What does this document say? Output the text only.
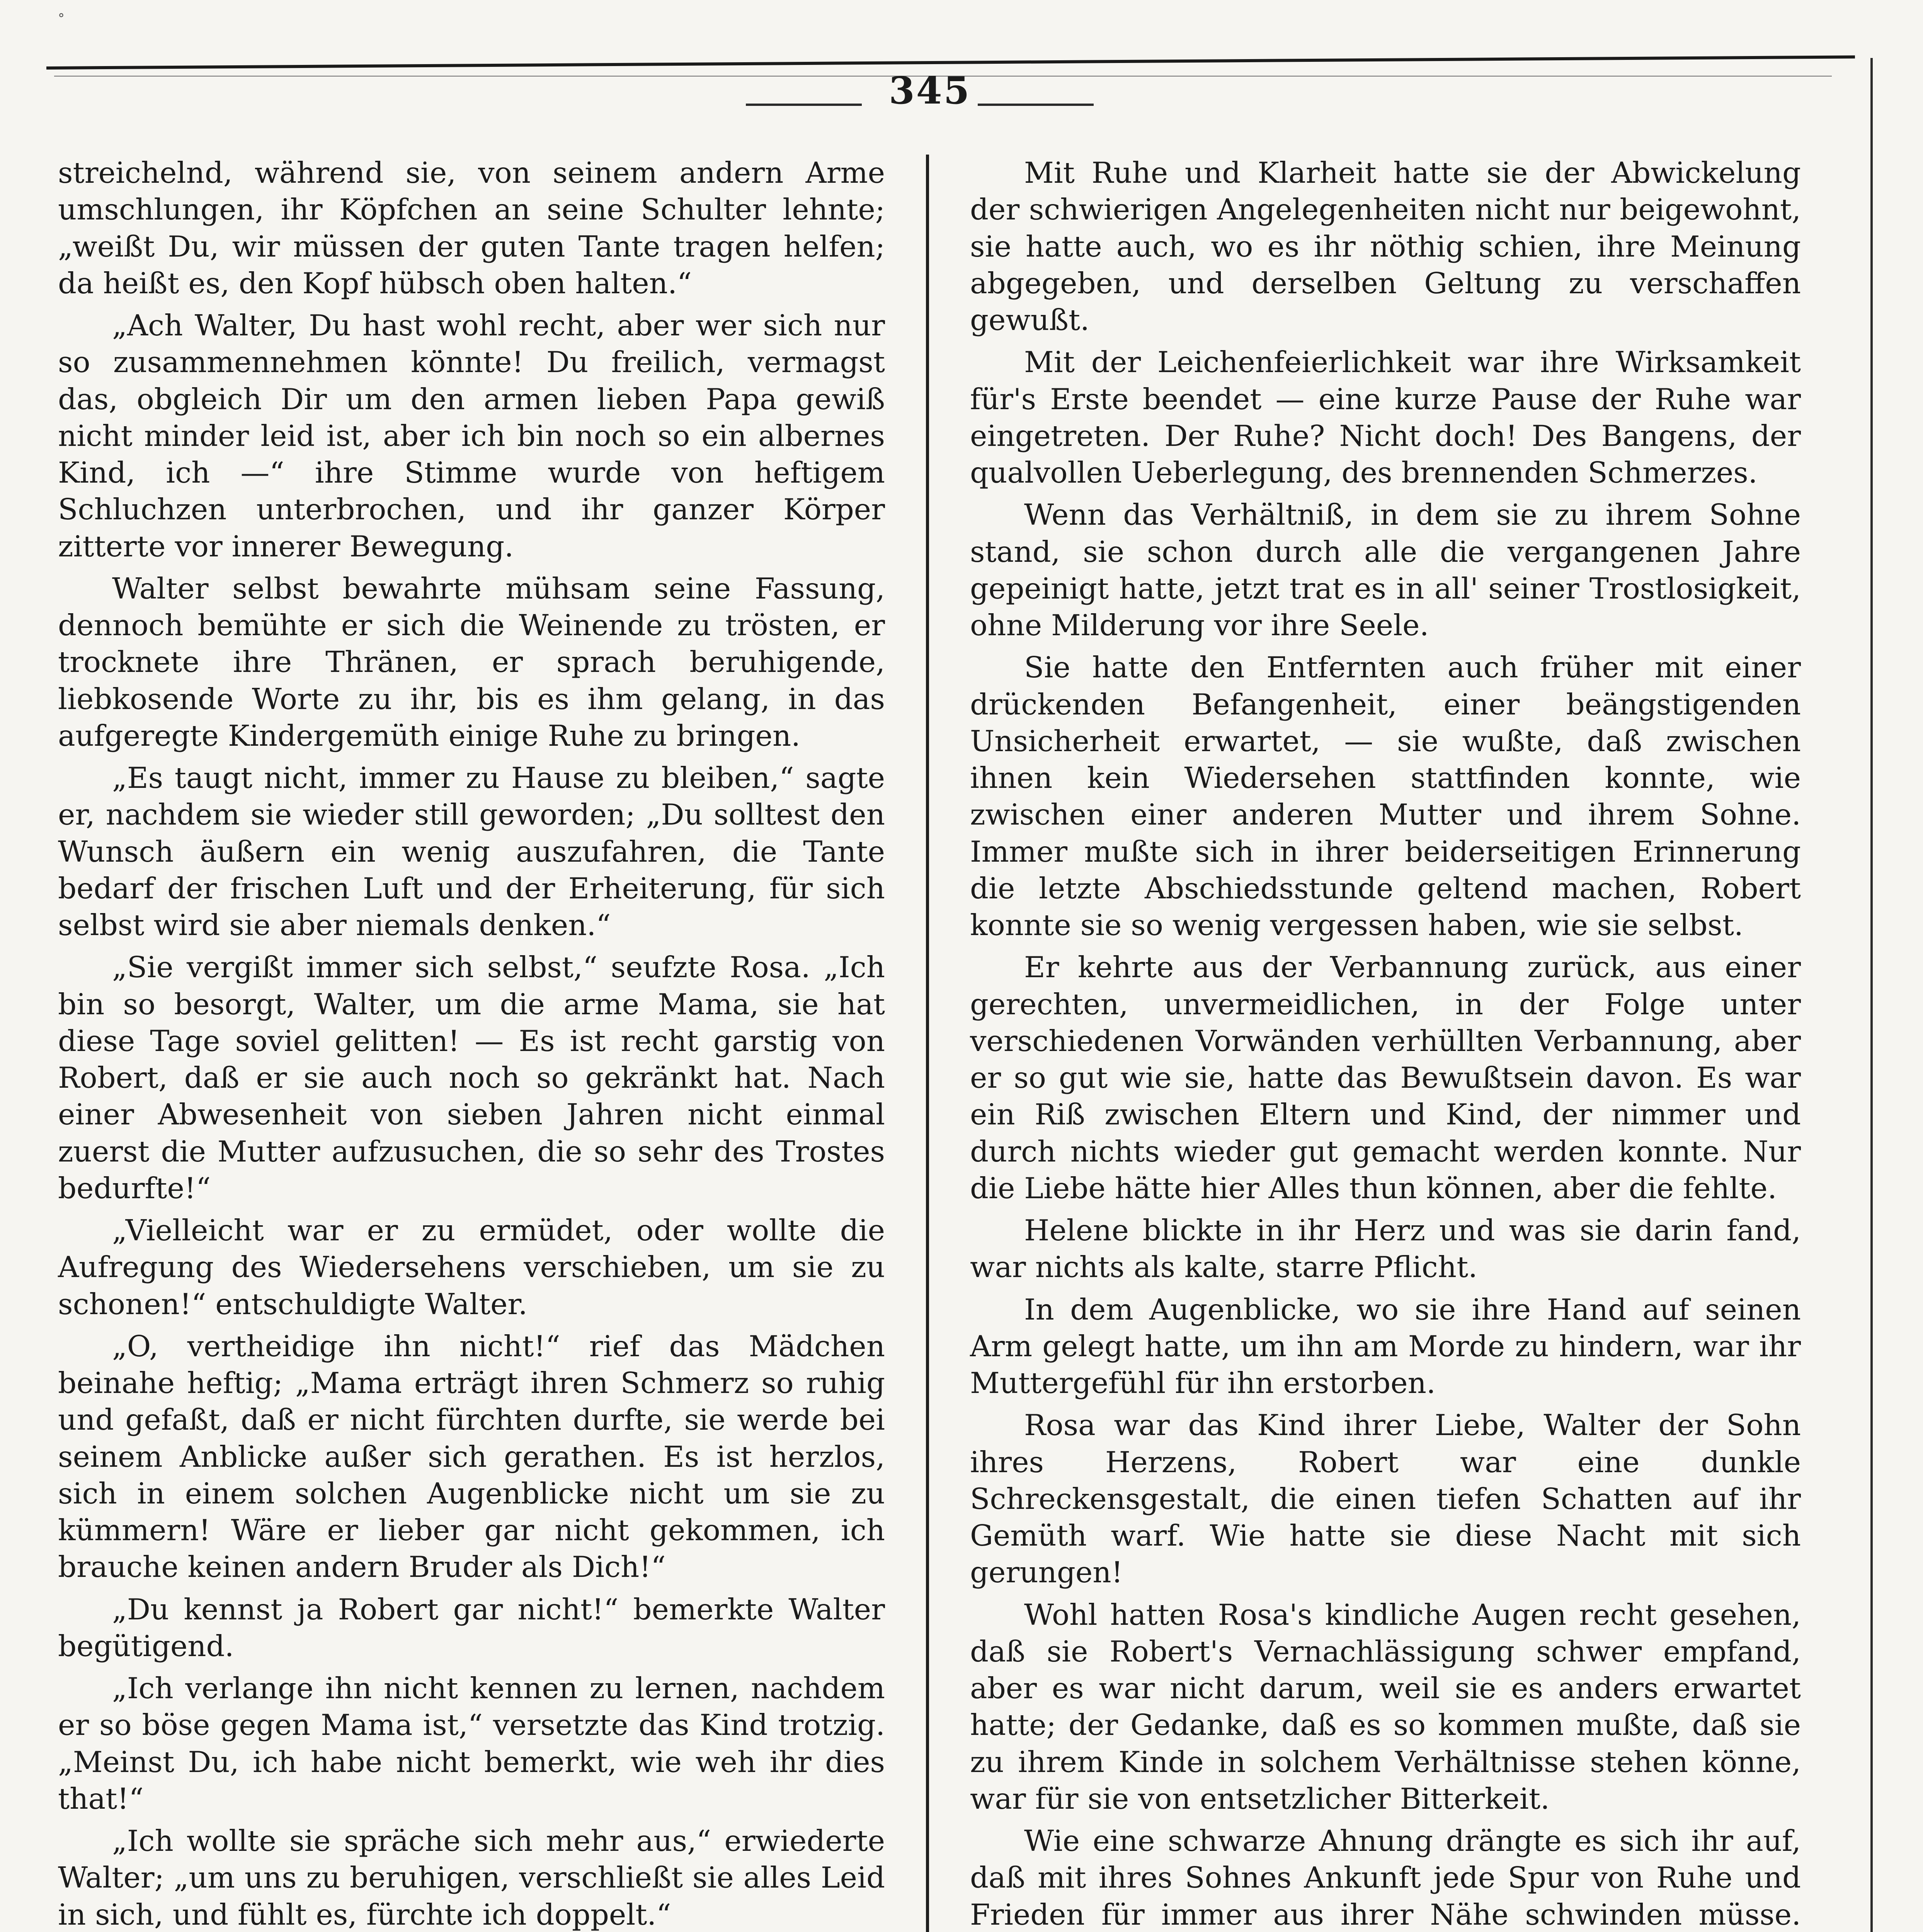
°
345

streichelnd, während sie, von seinem andern Arme umschlungen, ihr Köpfchen an seine Schulter lehnte; „weißt Du, wir müssen der guten Tante tragen helfen; da heißt es, den Kopf hübsch oben halten.“

„Ach Walter, Du hast wohl recht, aber wer sich nur so zusammennehmen könnte! Du freilich, vermagst das, obgleich Dir um den armen lieben Papa gewiß nicht minder leid ist, aber ich bin noch so ein albernes Kind, ich —“ ihre Stimme wurde von heftigem Schluchzen unterbrochen, und ihr ganzer Körper zitterte vor innerer Bewegung.

Walter selbst bewahrte mühsam seine Fassung, dennoch bemühte er sich die Weinende zu trösten, er trocknete ihre Thränen, er sprach beruhigende, liebkosende Worte zu ihr, bis es ihm gelang, in das aufgeregte Kindergemüth einige Ruhe zu bringen.

„Es taugt nicht, immer zu Hause zu bleiben,“ sagte er, nachdem sie wieder still geworden; „Du solltest den Wunsch äußern ein wenig auszufahren, die Tante bedarf der frischen Luft und der Erheiterung, für sich selbst wird sie aber niemals denken.“

„Sie vergißt immer sich selbst,“ seufzte Rosa. „Ich bin so besorgt, Walter, um die arme Mama, sie hat diese Tage soviel gelitten! — Es ist recht garstig von Robert, daß er sie auch noch so gekränkt hat. Nach einer Abwesenheit von sieben Jahren nicht einmal zuerst die Mutter aufzusuchen, die so sehr des Trostes bedurfte!“

„Vielleicht war er zu ermüdet, oder wollte die Aufregung des Wiedersehens verschieben, um sie zu schonen!“ entschuldigte Walter.

„O, vertheidige ihn nicht!“ rief das Mädchen beinahe heftig; „Mama erträgt ihren Schmerz so ruhig und gefaßt, daß er nicht fürchten durfte, sie werde bei seinem Anblicke außer sich gerathen. Es ist herzlos, sich in einem solchen Augenblicke nicht um sie zu kümmern! Wäre er lieber gar nicht gekommen, ich brauche keinen andern Bruder als Dich!“

„Du kennst ja Robert gar nicht!“ bemerkte Walter begütigend.

„Ich verlange ihn nicht kennen zu lernen, nachdem er so böse gegen Mama ist,“ versetzte das Kind trotzig. „Meinst Du, ich habe nicht bemerkt, wie weh ihr dies that!“

„Ich wollte sie spräche sich mehr aus,“ erwiederte Walter; „um uns zu beruhigen, verschließt sie alles Leid in sich, und fühlt es, fürchte ich doppelt.“

Mit Ruhe und Klarheit hatte sie der Abwickelung der schwierigen Angelegenheiten nicht nur beigewohnt, sie hatte auch, wo es ihr nöthig schien, ihre Meinung abgegeben, und derselben Geltung zu verschaffen gewußt.

Mit der Leichenfeierlichkeit war ihre Wirksamkeit für's Erste beendet — eine kurze Pause der Ruhe war eingetreten. Der Ruhe? Nicht doch! Des Bangens, der qualvollen Ueberlegung, des brennenden Schmerzes.

Wenn das Verhältniß, in dem sie zu ihrem Sohne stand, sie schon durch alle die vergangenen Jahre gepeinigt hatte, jetzt trat es in all' seiner Trostlosigkeit, ohne Milderung vor ihre Seele.

Sie hatte den Entfernten auch früher mit einer drückenden Befangenheit, einer beängstigenden Unsicherheit erwartet, — sie wußte, daß zwischen ihnen kein Wiedersehen stattfinden konnte, wie zwischen einer anderen Mutter und ihrem Sohne. Immer mußte sich in ihrer beiderseitigen Erinnerung die letzte Abschiedsstunde geltend machen, Robert konnte sie so wenig vergessen haben, wie sie selbst.

Er kehrte aus der Verbannung zurück, aus einer gerechten, unvermeidlichen, in der Folge unter verschiedenen Vorwänden verhüllten Verbannung, aber er so gut wie sie, hatte das Bewußtsein davon. Es war ein Riß zwischen Eltern und Kind, der nimmer und durch nichts wieder gut gemacht werden konnte. Nur die Liebe hätte hier Alles thun können, aber die fehlte.

Helene blickte in ihr Herz und was sie darin fand, war nichts als kalte, starre Pflicht.

In dem Augenblicke, wo sie ihre Hand auf seinen Arm gelegt hatte, um ihn am Morde zu hindern, war ihr Muttergefühl für ihn erstorben.

Rosa war das Kind ihrer Liebe, Walter der Sohn ihres Herzens, Robert war eine dunkle Schreckensgestalt, die einen tiefen Schatten auf ihr Gemüth warf. Wie hatte sie diese Nacht mit sich gerungen!

Wohl hatten Rosa's kindliche Augen recht gesehen, daß sie Robert's Vernachlässigung schwer empfand, aber es war nicht darum, weil sie es anders erwartet hatte; der Gedanke, daß es so kommen mußte, daß sie zu ihrem Kinde in solchem Verhältnisse stehen könne, war für sie von entsetzlicher Bitterkeit.

Wie eine schwarze Ahnung drängte es sich ihr auf, daß mit ihres Sohnes Ankunft jede Spur von Ruhe und Frieden für immer aus ihrer Nähe schwinden müsse.
